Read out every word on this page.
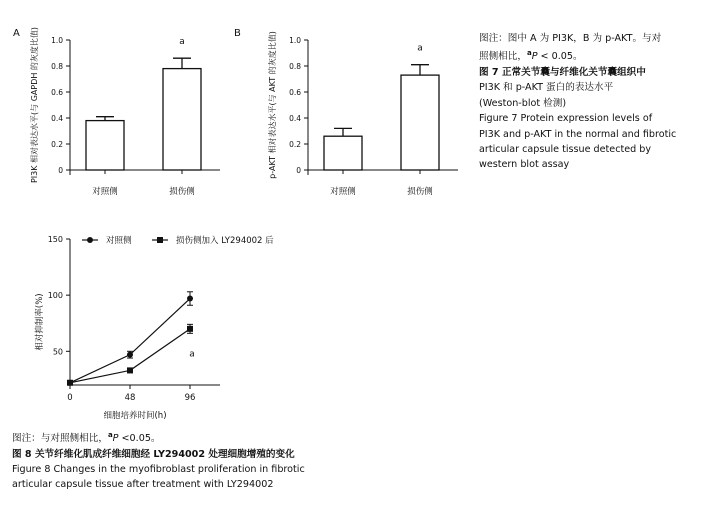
A	B
0
0.2
0.4
0.6
0.8
1.0
PI3K 相对表达水平(与 GAPDH 的灰度比值)
对照侧	损伤侧
a
0
0.2
0.4
0.6
0.8
1.0
p-AKT 相对表达水平(与 AKT 的灰度比值)
对照侧	损伤侧
a
50
100
150
0	48	96
细胞培养时间(h)
相对抑制率(%)
a
对照侧	损伤侧加入 LY294002 后
图注：图中 A 为 PI3K，B 为 p-AKT。与对
照侧相比，$^a$P < 0.05。
图 7 正常关节囊与纤维化关节囊组织中
PI3K 和 p-AKT 蛋白的表达水平
(Weston-blot 检测)
Figure 7 Protein expression levels of
PI3K and p-AKT in the normal and fibrotic
articular capsule tissue detected by
western blot assay
图注：与对照侧相比，$^a$P <0.05。
图 8 关节纤维化肌成纤维细胞经 LY294002 处理细胞增殖的变化
Figure 8 Changes in the myofibroblast proliferation in fibrotic
articular capsule tissue after treatment with LY294002
